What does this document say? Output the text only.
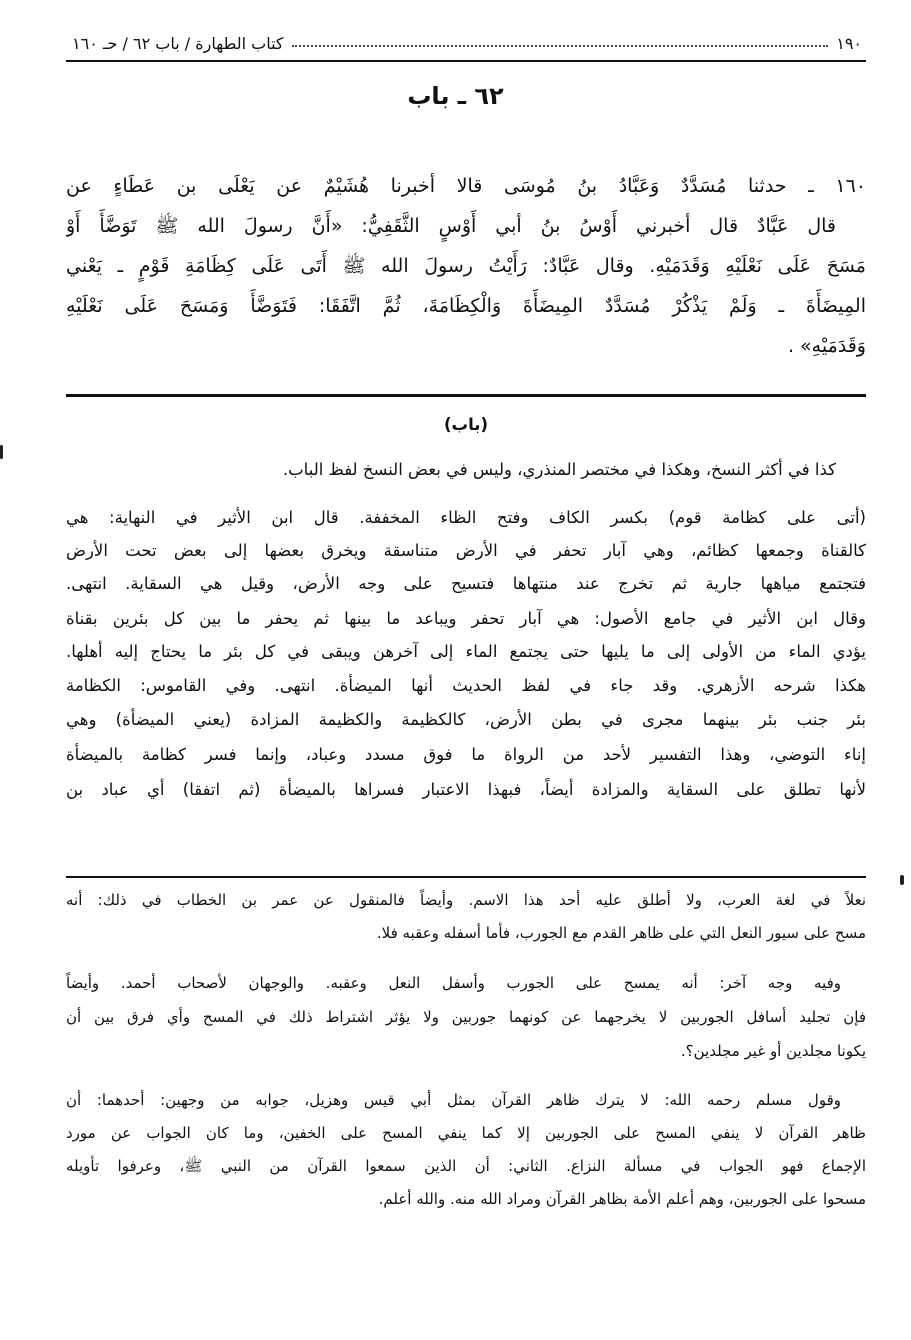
١٩٠
كتاب الطهارة / باب ٦٢ / حـ ١٦٠
٦٢ ـ باب
١٦٠ ـ حدثنا مُسَدَّدٌ وَعَبَّادُ بنُ مُوسَى قالا أخبرنا هُشَيْمٌ عن يَعْلَى بن عَطَاءٍ عن
قال عَبَّادٌ قال أخبرني أَوْسُ بنُ أبي أَوْسٍ الثَّقَفِيُّ: «أَنَّ رسولَ الله ﷺ تَوَضَّأَ أَوْ
مَسَحَ عَلَى نَعْلَيْهِ وَقَدَمَيْهِ. وقال عَبَّادٌ: رَأَيْتُ رسولَ الله ﷺ أَتَى عَلَى كِظَامَةِ قَوْمٍ ـ يَعْني
المِيضَأَةَ ـ وَلَمْ يَذْكُرْ مُسَدَّدٌ المِيضَأَةَ وَالْكِظَامَةَ، ثُمَّ اتَّفَقَا: فَتَوَضَّأَ وَمَسَحَ عَلَى نَعْلَيْهِ
وَقَدَمَيْهِ» .
(باب)
كذا في أكثر النسخ، وهكذا في مختصر المنذري، وليس في بعض النسخ لفظ الباب.
(أتى على كظامة قوم) بكسر الكاف وفتح الظاء المخففة. قال ابن الأثير في النهاية: هي
كالقناة وجمعها كظائم، وهي آبار تحفر في الأرض متناسقة ويخرق بعضها إلى بعض تحت الأرض
فتجتمع مياهها جارية ثم تخرج عند منتهاها فتسيح على وجه الأرض، وقيل هي السقاية. انتهى.
وقال ابن الأثير في جامع الأصول: هي آبار تحفر ويباعد ما بينها ثم يحفر ما بين كل بئرين بقناة
يؤدي الماء من الأولى إلى ما يليها حتى يجتمع الماء إلى آخرهن ويبقى في كل بئر ما يحتاج إليه أهلها.
هكذا شرحه الأزهري. وقد جاء في لفظ الحديث أنها الميضأة. انتهى. وفي القاموس: الكظامة
بئر جنب بئر بينهما مجرى في بطن الأرض، كالكظيمة والكظيمة المزادة (يعني الميضأة) وهي
إناء التوضي، وهذا التفسير لأحد من الرواة ما فوق مسدد وعباد، وإنما فسر كظامة بالميضأة
لأنها تطلق على السقاية والمزادة أيضاً، فبهذا الاعتبار فسراها بالميضأة (ثم اتفقا) أي عباد بن
نعلاً في لغة العرب، ولا أطلق عليه أحد هذا الاسم. وأيضاً فالمنقول عن عمر بن الخطاب في ذلك: أنه
مسح على سيور النعل التي على ظاهر القدم مع الجورب، فأما أسفله وعقبه فلا.
وفيه وجه آخر: أنه يمسح على الجورب وأسفل النعل وعقبه. والوجهان لأصحاب أحمد. وأيضاً
فإن تجليد أسافل الجوربين لا يخرجهما عن كونهما جوربين ولا يؤثر اشتراط ذلك في المسح وأي فرق بين أن
يكونا مجلدين أو غير مجلدين؟.
وقول مسلم رحمه الله: لا يترك ظاهر القرآن بمثل أبي قيس وهزيل، جوابه من وجهين: أحدهما: أن
ظاهر القرآن لا ينفي المسح على الجوربين إلا كما ينفي المسح على الخفين، وما كان الجواب عن مورد
الإجماع فهو الجواب في مسألة النزاع. الثاني: أن الذين سمعوا القرآن من النبي ﷺ، وعرفوا تأويله
مسحوا على الجوربين، وهم أعلم الأمة بظاهر القرآن ومراد الله منه. والله أعلم.
